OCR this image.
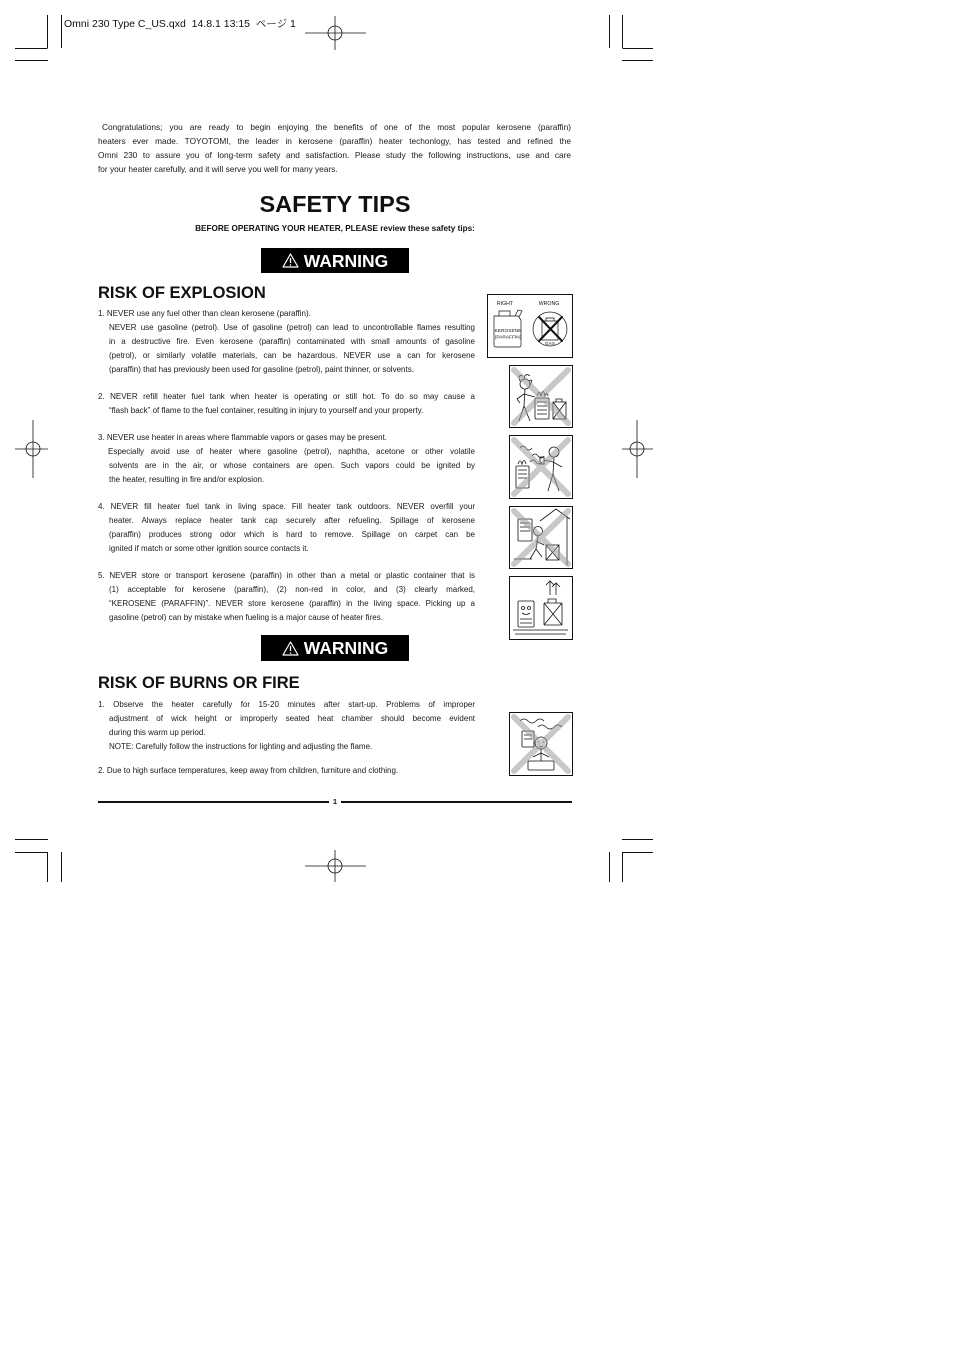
Omni 230 Type C_US.qxd  14.8.1 13:15  ページ 1
Congratulations; you are ready to begin enjoying the benefits of one of the most popular kerosene (paraffin)
heaters ever made. TOYOTOMI, the leader in kerosene (paraffin) heater techonlogy, has tested and refined the
Omni 230 to assure you of long-term safety and satisfaction. Please study the following instructions, use and care
for your heater carefully, and it will serve you well for many years.
SAFETY TIPS
BEFORE OPERATING YOUR HEATER, PLEASE review these safety tips:
WARNING
RISK OF EXPLOSION
1. NEVER use any fuel other than clean kerosene (paraffin).
NEVER use gasoline (petrol). Use of gasoline (petrol) can lead to uncontrollable flames resulting
in a destructive fire. Even kerosene (paraffin) contaminated with small amounts of gasoline
(petrol), or similarly volatile materials, can be hazardous. NEVER use a can for kerosene
(paraffin) that has previously been used for gasoline (petrol), paint thinner, or solvents.
2. NEVER refill heater fuel tank when heater is operating or still hot. To do so may cause a
“flash back” of flame to the fuel container, resulting in injury to yourself and your property.
3. NEVER use heater in areas where flammable vapors or gases may be present.
Especially avoid use of heater where gasoline (petrol), naphtha, acetone or other volatile
solvents are in the air, or whose containers are open. Such vapors could be ignited by
the heater, resulting in fire and/or explosion.
4. NEVER fill heater fuel tank in living space. Fill heater tank outdoors. NEVER overfill your
heater. Always replace heater tank cap securely after refueling. Spillage of kerosene
(paraffin) produces strong odor which is hard to remove. Spillage on carpet can be
ignited if match or some other ignition source contacts it.
5. NEVER store or transport kerosene (paraffin) in other than a metal or plastic container that is
(1) acceptable for kerosene (paraffin), (2) non-red in color, and (3) clearly marked,
“KEROSENE (PARAFFIN)”. NEVER store kerosene (paraffin) in the living space. Picking up a
gasoline (petrol) can by mistake when fueling is a major cause of heater fires.
WARNING
RISK OF BURNS OR FIRE
1. Observe the heater carefully for 15-20 minutes after start-up. Problems of improper
adjustment of wick height or improperly seated heat chamber should become evident
during this warm up period.
NOTE: Carefully follow the instructions for lighting and adjusting the flame.
2. Due to high surface temperatures, keep away from children, furniture and clothing.
RIGHT	WRONG
KEROSENE
(PARAFFIN)
GAS
1
